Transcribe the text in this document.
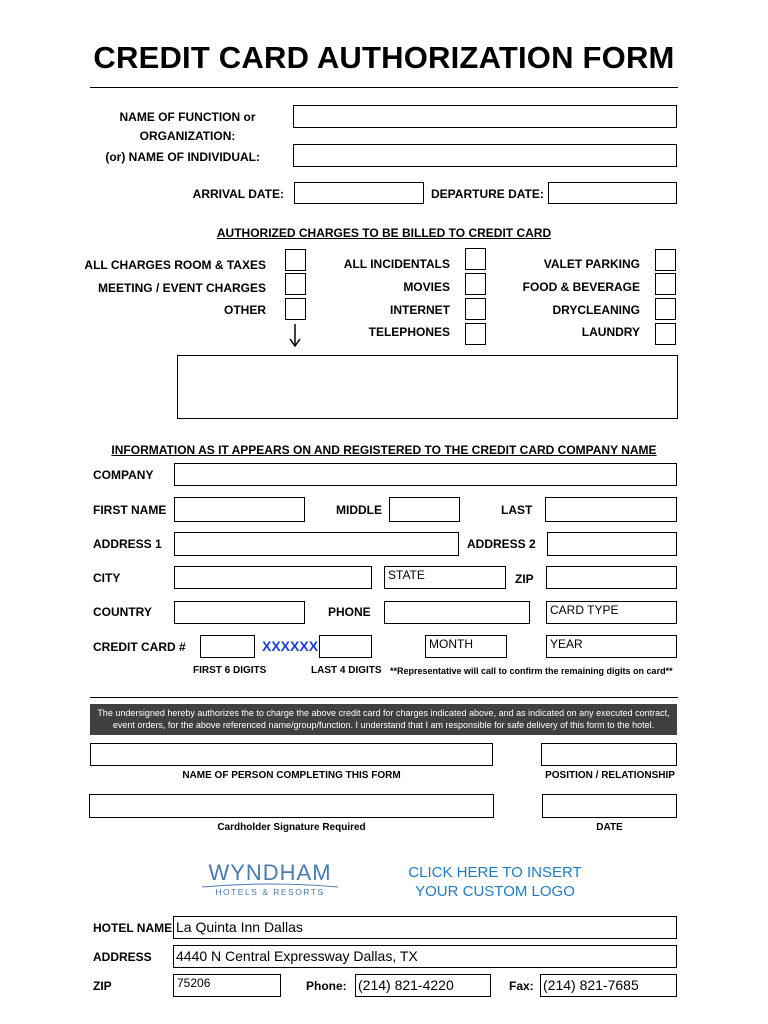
CREDIT CARD AUTHORIZATION FORM
NAME OF FUNCTION or
ORGANIZATION:
(or) NAME OF INDIVIDUAL:
ARRIVAL DATE:	DEPARTURE DATE:
AUTHORIZED CHARGES TO BE BILLED TO CREDIT CARD
ALL CHARGES ROOM & TAXES
MEETING / EVENT CHARGES
OTHER
ALL INCIDENTALS
MOVIES
INTERNET
TELEPHONES
VALET PARKING
FOOD & BEVERAGE
DRYCLEANING
LAUNDRY
INFORMATION AS IT APPEARS ON AND REGISTERED TO THE CREDIT CARD COMPANY NAME
COMPANY
FIRST NAME	MIDDLE	LAST
ADDRESS 1	ADDRESS 2
CITY	STATE	ZIP
COUNTRY	PHONE	CARD TYPE
CREDIT CARD #	XXXXXX	MONTH	YEAR
FIRST 6 DIGITS	LAST 4 DIGITS **Representative will call to confirm the remaining digits on card**
The undersigned hereby authorizes the to charge the above credit card for charges indicated above, and as indicated on any executed contract,
event orders, for the above referenced name/group/function. I understand that I am responsible for safe delivery of this form to the hotel.
NAME OF PERSON COMPLETING THIS FORM	POSITION / RELATIONSHIP
Cardholder Signature Required	DATE
WYNDHAM
HOTELS & RESORTS
CLICK HERE TO INSERT
YOUR CUSTOM LOGO
HOTEL NAME La Quinta Inn Dallas
ADDRESS 4440 N Central Expressway Dallas, TX
ZIP	75206	Phone: (214) 821-4220	Fax: (214) 821-7685
